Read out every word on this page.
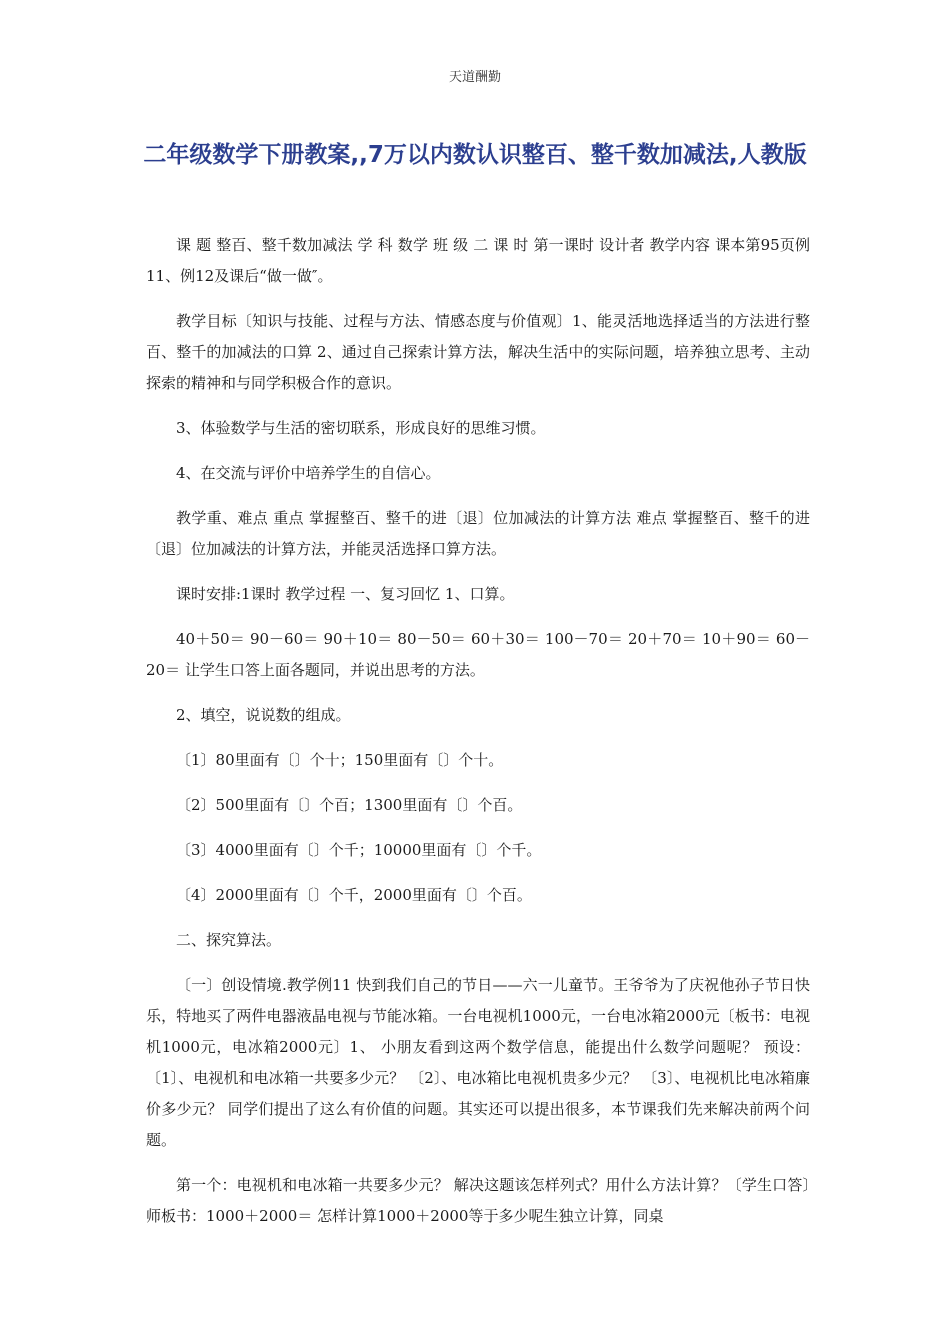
天道酬勤
二年级数学下册教案,,7万以内数认识整百、整千数加减法,人教版

课 题 整百、整千数加减法 学 科 数学 班 级 二 课 时 第一课时 设计者 教学内容 课本第95页例11、例12及课后“做一做″。

教学目标〔知识与技能、过程与方法、情感态度与价值观〕1、能灵活地选择适当的方法进行整百、整千的加减法的口算 2、通过自己探索计算方法，解决生活中的实际问题，培养独立思考、主动探索的精神和与同学积极合作的意识。

3、体验数学与生活的密切联系，形成良好的思维习惯。

4、在交流与评价中培养学生的自信心。

教学重、难点 重点 掌握整百、整千的进〔退〕位加减法的计算方法 难点 掌握整百、整千的进〔退〕位加减法的计算方法，并能灵活选择口算方法。

课时安排:1课时 教学过程 一、复习回忆 1、口算。

40＋50＝ 90－60＝ 90＋10＝ 80－50＝ 60＋30＝ 100－70＝ 20＋70＝ 10＋90＝ 60－20＝ 让学生口答上面各题同，并说出思考的方法。

2、填空，说说数的组成。

〔1〕80里面有〔〕个十；150里面有〔〕个十。

〔2〕500里面有〔〕个百；1300里面有〔〕个百。

〔3〕4000里面有〔〕个千；10000里面有〔〕个千。

〔4〕2000里面有〔〕个千，2000里面有〔〕个百。

二、探究算法。

〔一〕创设情境.教学例11 快到我们自己的节日——六一儿童节。王爷爷为了庆祝他孙子节日快乐，特地买了两件电器液晶电视与节能冰箱。一台电视机1000元，一台电冰箱2000元〔板书：电视机1000元，电冰箱2000元〕1、 小朋友看到这两个数学信息，能提出什么数学问题呢？ 预设：〔1〕、电视机和电冰箱一共要多少元？ 〔2〕、电冰箱比电视机贵多少元？ 〔3〕、电视机比电冰箱廉价多少元？ 同学们提出了这么有价值的问题。其实还可以提出很多，本节课我们先来解决前两个问题。

第一个：电视机和电冰箱一共要多少元？ 解决这题该怎样列式？用什么方法计算？〔学生口答〕师板书：1000＋2000＝ 怎样计算1000＋2000等于多少呢生独立计算，同桌
